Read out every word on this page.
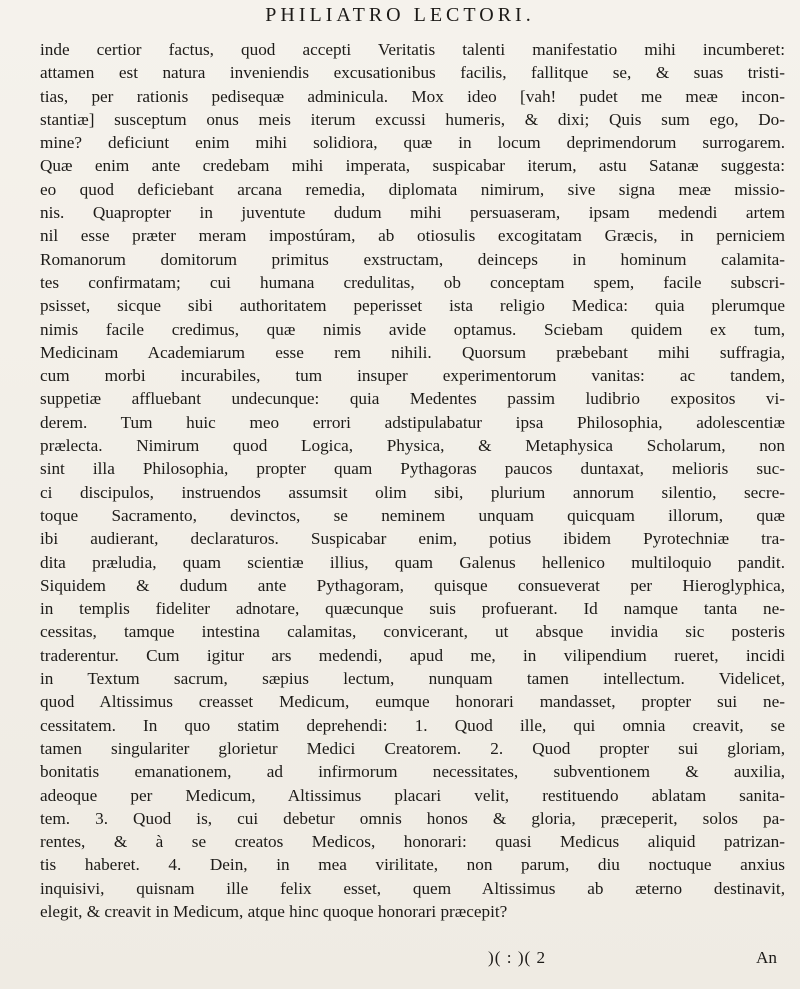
PHILIATRO LECTORI.
inde certior factus, quod accepti Veritatis talenti manifestatio mihi incumberet:
attamen est natura inveniendis excusationibus facilis, fallitque se, & suas tristi-
tias, per rationis pedisequæ adminicula. Mox ideo [vah! pudet me meæ incon-
stantiæ] susceptum onus meis iterum excussi humeris, & dixi; Quis sum ego, Do-
mine? deficiunt enim mihi solidiora, quæ in locum deprimendorum surrogarem.
Quæ enim ante credebam mihi imperata, suspicabar iterum, astu Satanæ suggesta:
eo quod deficiebant arcana remedia, diplomata nimirum, sive signa meæ missio-
nis. Quapropter in juventute dudum mihi persuaseram, ipsam medendi artem
nil esse præter meram impostúram, ab otiosulis excogitatam Græcis, in perniciem
Romanorum domitorum primitus exstructam, deinceps in hominum calamita-
tes confirmatam; cui humana credulitas, ob conceptam spem, facile subscri-
psisset, sicque sibi authoritatem peperisset ista religio Medica: quia plerumque
nimis facile credimus, quæ nimis avide optamus. Sciebam quidem ex tum,
Medicinam Academiarum esse rem nihili. Quorsum præbebant mihi suffragia,
cum morbi incurabiles, tum insuper experimentorum vanitas: ac tandem,
suppetiæ affluebant undecunque: quia Medentes passim ludibrio expositos vi-
derem. Tum huic meo errori adstipulabatur ipsa Philosophia, adolescentiæ
prælecta. Nimirum quod Logica, Physica, & Metaphysica Scholarum, non
sint illa Philosophia, propter quam Pythagoras paucos duntaxat, melioris suc-
ci discipulos, instruendos assumsit olim sibi, plurium annorum silentio, secre-
toque Sacramento, devinctos, se neminem unquam quicquam illorum, quæ
ibi audierant, declaraturos. Suspicabar enim, potius ibidem Pyrotechniæ tra-
dita præludia, quam scientiæ illius, quam Galenus hellenico multiloquio pandit.
Siquidem & dudum ante Pythagoram, quisque consueverat per Hieroglyphica,
in templis fideliter adnotare, quæcunque suis profuerant. Id namque tanta ne-
cessitas, tamque intestina calamitas, convicerant, ut absque invidia sic posteris
traderentur. Cum igitur ars medendi, apud me, in vilipendium rueret, incidi
in Textum sacrum, sæpius lectum, nunquam tamen intellectum. Videlicet,
quod Altissimus creasset Medicum, eumque honorari mandasset, propter sui ne-
cessitatem. In quo statim deprehendi: 1. Quod ille, qui omnia creavit, se
tamen singulariter glorietur Medici Creatorem. 2. Quod propter sui gloriam,
bonitatis emanationem, ad infirmorum necessitates, subventionem & auxilia,
adeoque per Medicum, Altissimus placari velit, restituendo ablatam sanita-
tem. 3. Quod is, cui debetur omnis honos & gloria, præceperit, solos pa-
rentes, & à se creatos Medicos, honorari: quasi Medicus aliquid patrizan-
tis haberet. 4. Dein, in mea virilitate, non parum, diu noctuque anxius
inquisivi, quisnam ille felix esset, quem Altissimus ab æterno destinavit,
elegit, & creavit in Medicum, atque hinc quoque honorari præcepit?
)( : )( 2	An
